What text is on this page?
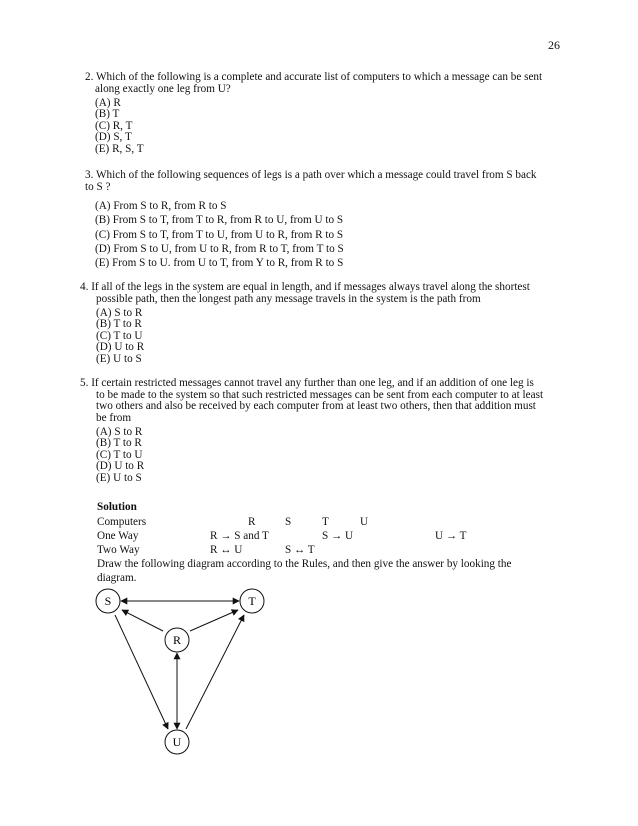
26

2. Which of the following is a complete and accurate list of computers to which a message can be sent

along exactly one leg from U?

(A) R
(B) T
(C) R, T
(D) S, T
(E) R, S, T

3. Which of the following sequences of legs is a path over which a message could travel from S back

to S ?

(A) From S to R, from R to S
(B) From S to T, from T to R, from R to U, from U to S
(C) From S to T, from T to U, from U to R, from R to S
(D) From S to U, from U to R, from R to T, from T to S
(E) From S to U. from U to T, from Y to R, from R to S

4. If all of the legs in the system are equal in length, and if messages always travel along the shortest

possible path, then the longest path any message travels in the system is the path from

(A) S to R
(B) T to R
(C) T to U
(D) U to R
(E) U to S

5. If certain restricted messages cannot travel any further than one leg, and if an addition of one leg is

to be made to the system so that such restricted messages can be sent from each computer to at least

two others and also be received by each computer from at least two others, then that addition must

be from

(A) S to R
(B) T to R
(C) T to U
(D) U to R
(E) U to S
Solution
Computers	R	S	T	U
One Way	R → S and T	S → U	U → T
Two Way	R ↔ U	S ↔ T
Draw the following diagram according to the Rules, and then give the answer by looking the
diagram.
S	T
R
U
